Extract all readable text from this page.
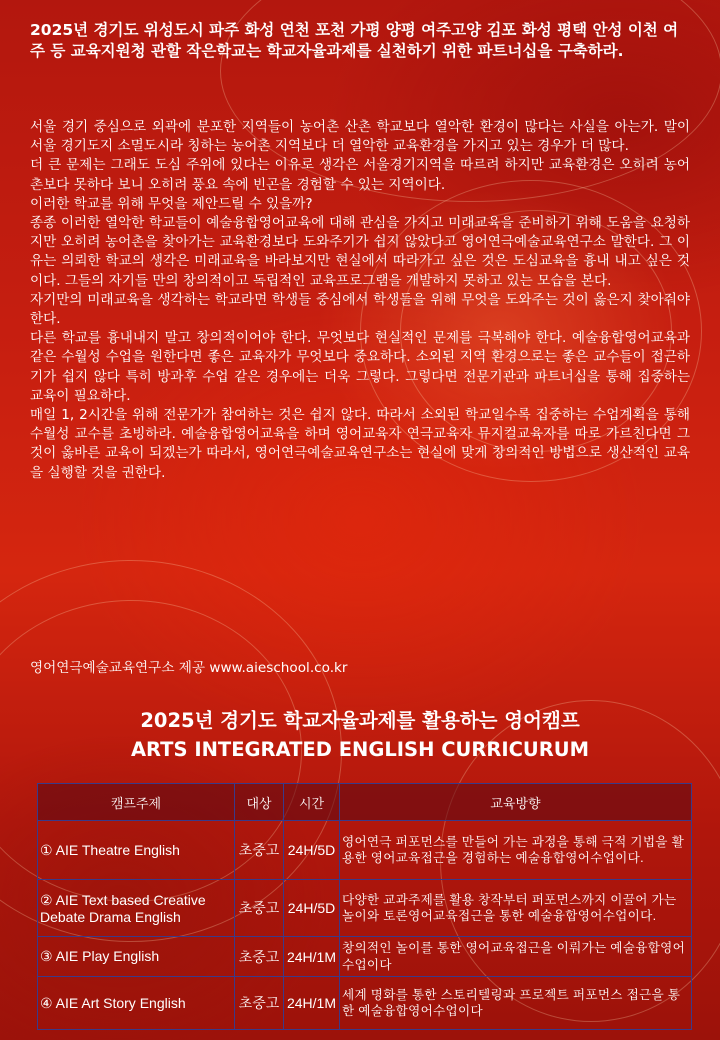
2025년 경기도 위성도시 파주 화성 연천 포천 가평 양평 여주고양 김포 화성 평택 안성 이천 여주 등 교육지원청 관할 작은학교는 학교자율과제를 실천하기 위한 파트너십을 구축하라.

서울 경기 중심으로 외곽에 분포한 지역들이 농어촌 산촌 학교보다 열악한 환경이 많다는 사실을 아는가. 말이 서울 경기도지 소멸도시라 칭하는 농어촌 지역보다 더 열악한 교육환경을 가지고 있는 경우가 더 많다.

더 큰 문제는 그래도 도심 주위에 있다는 이유로 생각은 서울경기지역을 따르려 하지만 교육환경은 오히려 농어촌보다 못하다 보니 오히려 풍요 속에 빈곤을 경험할 수 있는 지역이다.

이러한 학교를 위해 무엇을 제안드릴 수 있을까?

종종 이러한 열악한 학교들이 예술융합영어교육에 대해 관심을 가지고 미래교육을 준비하기 위해 도움을 요청하지만 오히려 농어촌을 찾아가는 교육환경보다 도와주기가 쉽지 않았다고 영어연극예술교육연구소 말한다. 그 이유는 의뢰한 학교의 생각은 미래교육을 바라보지만 현실에서 따라가고 싶은 것은 도심교육을 흉내 내고 싶은 것이다. 그들의 자기들 만의 창의적이고 독립적인 교육프로그램을 개발하지 못하고 있는 모습을 본다.

자기만의 미래교육을 생각하는 학교라면 학생들 중심에서 학생들을 위해 무엇을 도와주는 것이 옳은지 찾아줘야 한다.

다른 학교를 흉내내지 말고 창의적이어야 한다. 무엇보다 현실적인 문제를 극복해야 한다. 예술융합영어교육과 같은 수월성 수업을 원한다면 좋은 교육자가 무엇보다 중요하다. 소외된 지역 환경으로는 좋은 교수들이 접근하기가 쉽지 않다 특히 방과후 수업 같은 경우에는 더욱 그렇다. 그렇다면 전문기관과 파트너십을 통해 집중하는 교육이 필요하다.

매일 1, 2시간을 위해 전문가가 참여하는 것은 쉽지 않다. 따라서 소외된 학교일수록 집중하는 수업계획을 통해 수월성 교수를 초빙하라. 예술융합영어교육을 하며 영어교육자 연극교육자 뮤지컬교육자를 따로 가르친다면 그것이 옳바른 교육이 되겠는가 따라서, 영어연극예술교육연구소는 현실에 맞게 창의적인 방법으로 생산적인 교육을 실행할 것을 권한다.

영어연극예술교육연구소 제공 www.aieschool.co.kr
2025년 경기도 학교자율과제를 활용하는 영어캠프
ARTS INTEGRATED ENGLISH CURRICURUM
캠프주제	대상	시간	교육방향
① AIE Theatre English	초중고	24H/5D	영어연극 퍼포먼스를 만들어 가는 과정을 통해 극적 기법을 활용한 영어교육접근을 경험하는 예술융합영어수업이다.
② AIE Text based Creative Debate Drama English	초중고	24H/5D	다양한 교과주제를 활용 창작부터 퍼포먼스까지 이끌어 가는 놀이와 토론영어교육접근을 통한 예술융합영어수업이다.
③ AIE Play English	초중고	24H/1M	창의적인 놀이를 통한 영어교육접근을 이뤄가는 예술융합영어수업이다
④ AIE Art Story English	초중고	24H/1M	세계 명화를 통한 스토리텔링과 프로젝트 퍼포먼스 접근을 통한 예술융합영어수업이다
